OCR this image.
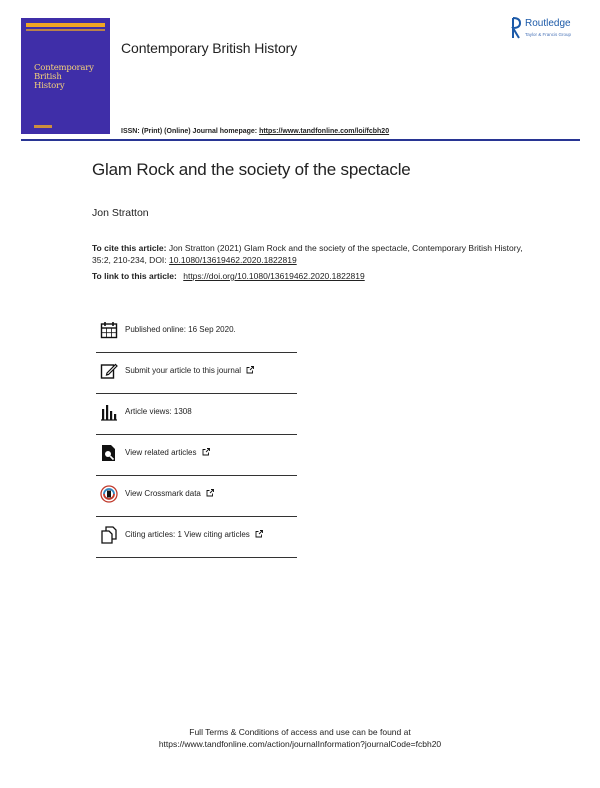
Contemporary
British
History
Contemporary British History
Routledge
Taylor & Francis Group
ISSN: (Print) (Online) Journal homepage: https://www.tandfonline.com/loi/fcbh20
Glam Rock and the society of the spectacle
Jon Stratton
To cite this article: Jon Stratton (2021) Glam Rock and the society of the spectacle, Contemporary British History, 35:2, 210-234, DOI: 10.1080/13619462.2020.1822819
To link to this article: https://doi.org/10.1080/13619462.2020.1822819
Published online: 16 Sep 2020.
Submit your article to this journal
Article views: 1308
View related articles
View Crossmark data
Citing articles: 1 View citing articles
Full Terms & Conditions of access and use can be found at
https://www.tandfonline.com/action/journalInformation?journalCode=fcbh20
